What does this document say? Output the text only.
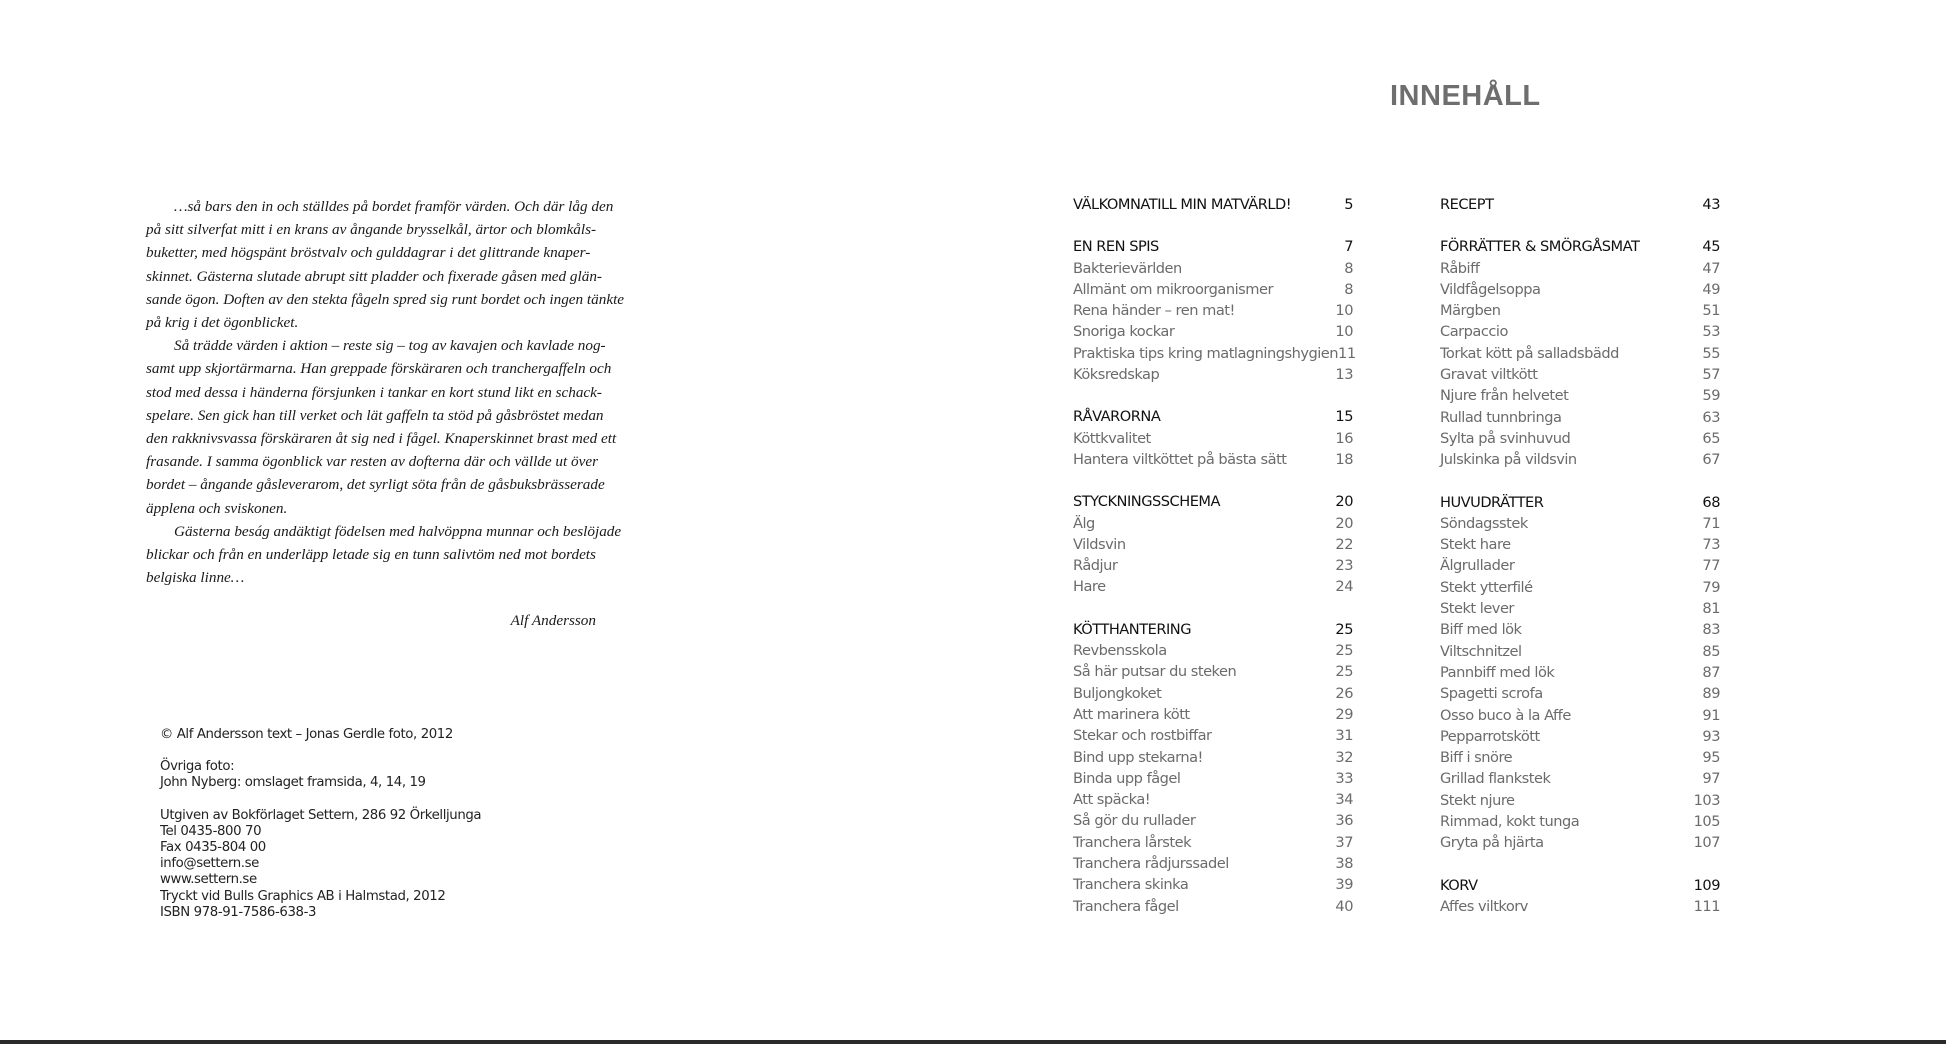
…så bars den in och ställdes på bordet framför värden. Och där låg den
på sitt silverfat mitt i en krans av ångande brysselkål, ärtor och blomkåls-
buketter, med högspänt bröstvalv och gulddagrar i det glittrande knaper-
skinnet. Gästerna slutade abrupt sitt pladder och fixerade gåsen med glän-
sande ögon. Doften av den stekta fågeln spred sig runt bordet och ingen tänkte
på krig i det ögonblicket.

Så trädde värden i aktion – reste sig – tog av kavajen och kavlade nog-
samt upp skjortärmarna. Han greppade förskäraren och tranchergaffeln och
stod med dessa i händerna försjunken i tankar en kort stund likt en schack-
spelare. Sen gick han till verket och lät gaffeln ta stöd på gåsbröstet medan
den rakknivsvassa förskäraren åt sig ned i fågel. Knaperskinnet brast med ett
frasande. I samma ögonblick var resten av dofterna där och vällde ut över
bordet – ångande gåsleverarom, det syrligt söta från de gåsbuksbrässerade
äpplena och sviskonen.

Gästerna beság andäktigt födelsen med halvöppna munnar och beslöjade
blickar och från en underläpp letade sig en tunn salivtöm ned mot bordets
belgiska linne…

Alf Andersson
© Alf Andersson text – Jonas Gerdle foto, 2012
Övriga foto:
John Nyberg: omslaget framsida, 4, 14, 19
Utgiven av Bokförlaget Settern, 286 92 Örkelljunga
Tel 0435-800 70
Fax 0435-804 00
info@settern.se
www.settern.se
Tryckt vid Bulls Graphics AB i Halmstad, 2012
ISBN 978-91-7586-638-3
INNEHÅLL
VÄLKOMNATILL MIN MATVÄRLD!	5
EN REN SPIS	7
Bakterievärlden	8
Allmänt om mikroorganismer	8
Rena händer – ren mat!	10
Snoriga kockar	10
Praktiska tips kring matlagningshygien 11
Köksredskap	13
RÅVARORNA	15
Köttkvalitet	16
Hantera viltköttet på bästa sätt	18
STYCKNINGSSCHEMA	20
Älg	20
Vildsvin	22
Rådjur	23
Hare	24
KÖTTHANTERING	25
Revbensskola	25
Så här putsar du steken	25
Buljongkoket	26
Att marinera kött	29
Stekar och rostbiffar	31
Bind upp stekarna!	32
Binda upp fågel	33
Att späcka!	34
Så gör du rullader	36
Tranchera lårstek	37
Tranchera rådjurssadel	38
Tranchera skinka	39
Tranchera fågel	40
RECEPT	43
FÖRRÄTTER & SMÖRGÅSMAT	45
Råbiff	47
Vildfågelsoppa	49
Märgben	51
Carpaccio	53
Torkat kött på salladsbädd	55
Gravat viltkött	57
Njure från helvetet	59
Rullad tunnbringa	63
Sylta på svinhuvud	65
Julskinka på vildsvin	67
HUVUDRÄTTER	68
Söndagsstek	71
Stekt hare	73
Älgrullader	77
Stekt ytterfilé	79
Stekt lever	81
Biff med lök	83
Viltschnitzel	85
Pannbiff med lök	87
Spagetti scrofa	89
Osso buco à la Affe	91
Pepparrotskött	93
Biff i snöre	95
Grillad flankstek	97
Stekt njure	103
Rimmad, kokt tunga	105
Gryta på hjärta	107
KORV	109
Affes viltkorv	111
